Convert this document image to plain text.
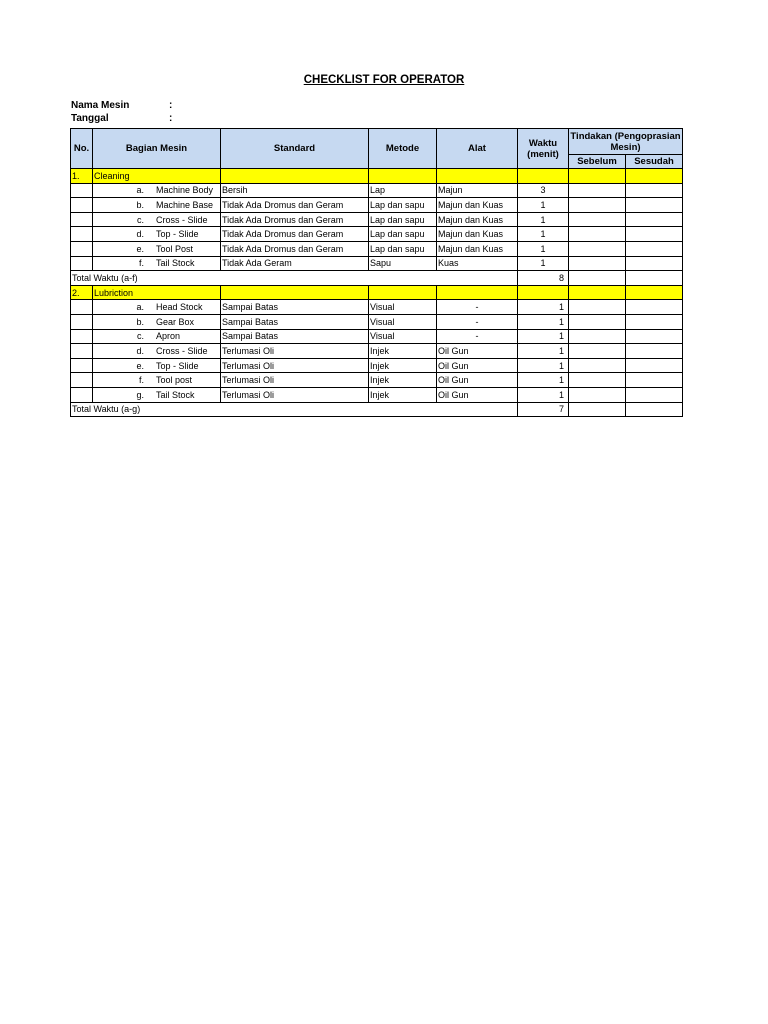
CHECKLIST FOR OPERATOR
Nama Mesin	:
Tanggal	:
No.	Bagian Mesin	Standard	Metode	Alat	Waktu (menit)	Tindakan (Pengoprasian Mesin)	
						Sebelum	Sesudah
1.	Cleaning						
	a. Machine Body	Bersih	Lap	Majun	3		
	b. Machine Base	Tidak Ada Dromus dan Geram	Lap dan sapu	Majun dan Kuas	1		
	c. Cross - Slide	Tidak Ada Dromus dan Geram	Lap dan sapu	Majun dan Kuas	1		
	d. Top - Slide	Tidak Ada Dromus dan Geram	Lap dan sapu	Majun dan Kuas	1		
	e. Tool Post	Tidak Ada Dromus dan Geram	Lap dan sapu	Majun dan Kuas	1		
	f. Tail Stock	Tidak Ada Geram	Sapu	Kuas	1		
Total Waktu (a-f)					8		
2.	Lubriction						
	a. Head Stock	Sampai Batas	Visual	-	1		
	b. Gear Box	Sampai Batas	Visual	-	1		
	c. Apron	Sampai Batas	Visual	-	1		
	d. Cross - Slide	Terlumasi Oli	Injek	Oil Gun	1		
	e. Top - Slide	Terlumasi Oli	Injek	Oil Gun	1		
	f. Tool post	Terlumasi Oli	Injek	Oil Gun	1		
	g. Tail Stock	Terlumasi Oli	Injek	Oil Gun	1		
Total Waktu (a-g)					7		
